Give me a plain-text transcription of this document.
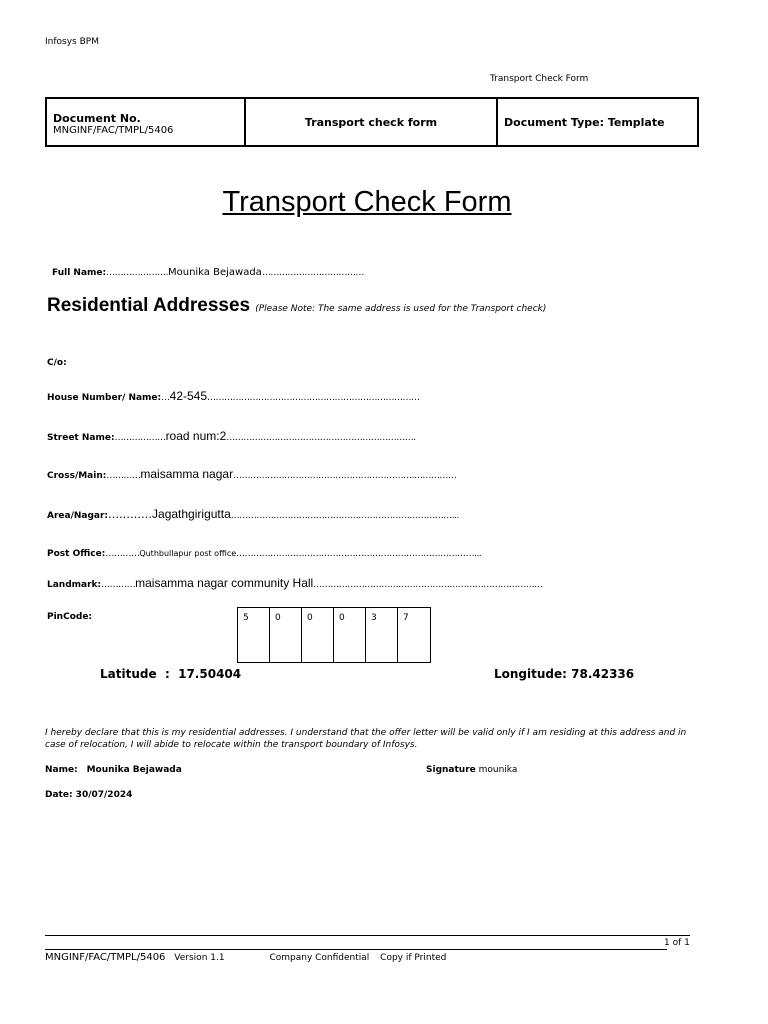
Infosys BPM
Transport Check Form
Document No.
MNGINF/FAC/TMPL/5406
	Transport check form	Document Type: Template
Transport Check Form
Full Name:………………….Mounika Bejawada………………………………
Residential Addresses (Please Note: The same address is used for the Transport check)
C/o:
House Number/ Name:…42-545…………………………………………………………………
Street Name:………………road num:2………………………………………………………….
Cross/Main:…………maisamma nagar……………………………………………………….……………
Area/Nagar:…………Jagathgirigutta……………………………………………………………………...
Post Office:…………Quthbullapur post office…………………………………………………………………………...
Landmark:…………maisamma nagar community Hall………………………………………………………………………
PinCode:	5	0	0	0	3	7
Latitude  :  17.50404	Longitude: 78.42336
I hereby declare that this is my residential addresses. I understand that the offer letter will be valid only if I am residing at this address and in case of relocation, I will abide to relocate within the transport boundary of Infosys.
Name: Mounika Bejawada	Signature mounika
Date: 30/07/2024
1 of 1
MNGINF/FAC/TMPL/5406 Version 1.1	Company Confidential Copy if Printed
